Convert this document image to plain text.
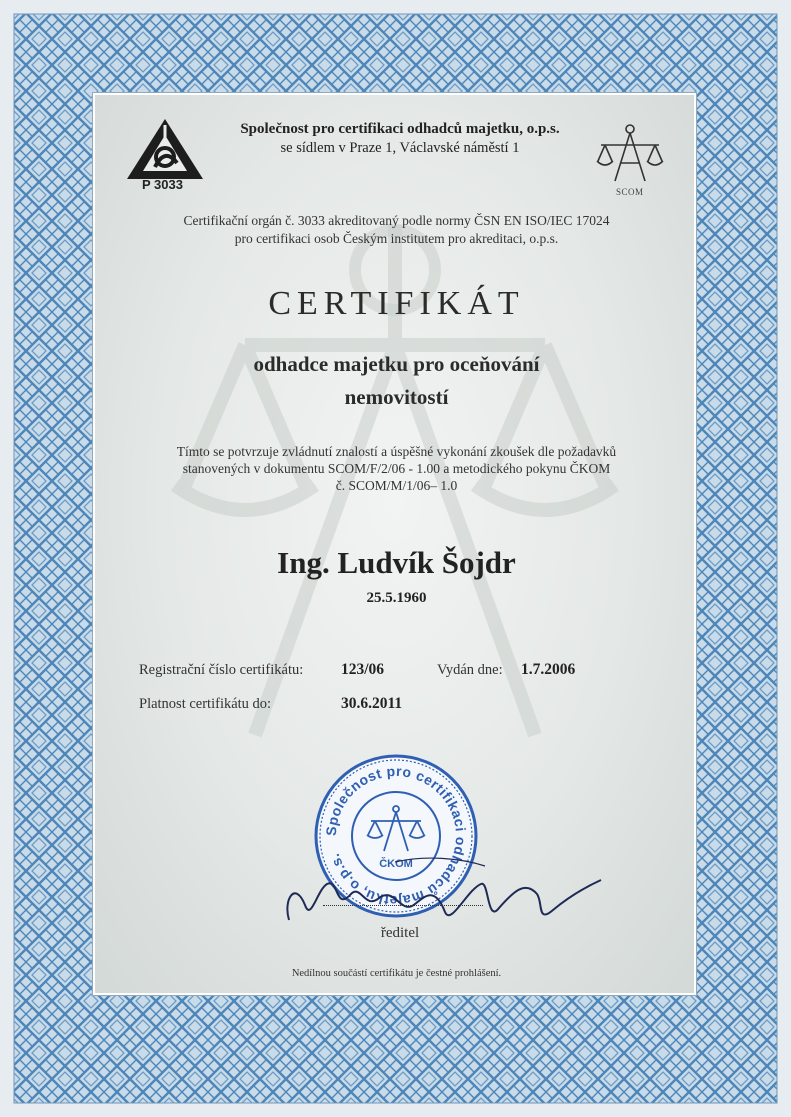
P 3033	SCOM
Společnost pro certifikaci odhadců majetku, o.p.s.
se sídlem v Praze 1, Václavské náměstí 1
Certifikační orgán č. 3033 akreditovaný podle normy ČSN EN ISO/IEC 17024
pro certifikaci osob Českým institutem pro akreditaci, o.p.s.
CERTIFIKÁT
odhadce majetku pro oceňování
nemovitostí
Tímto se potvrzuje zvládnutí znalostí a úspěšné vykonání zkoušek dle požadavků
stanovených v dokumentu SCOM/F/2/06 - 1.00 a metodického pokynu ČKOM
č. SCOM/M/1/06– 1.0
Ing. Ludvík Šojdr
25.5.1960
Registrační číslo certifikátu: 123/06	Vydán dne: 1.7.2006
Platnost certifikátu do:	30.6.2011
Společnost pro certifikaci odhadců majetku, o.p.s.
ČKOM
ředitel
Nedílnou součástí certifikátu je čestné prohlášení.
